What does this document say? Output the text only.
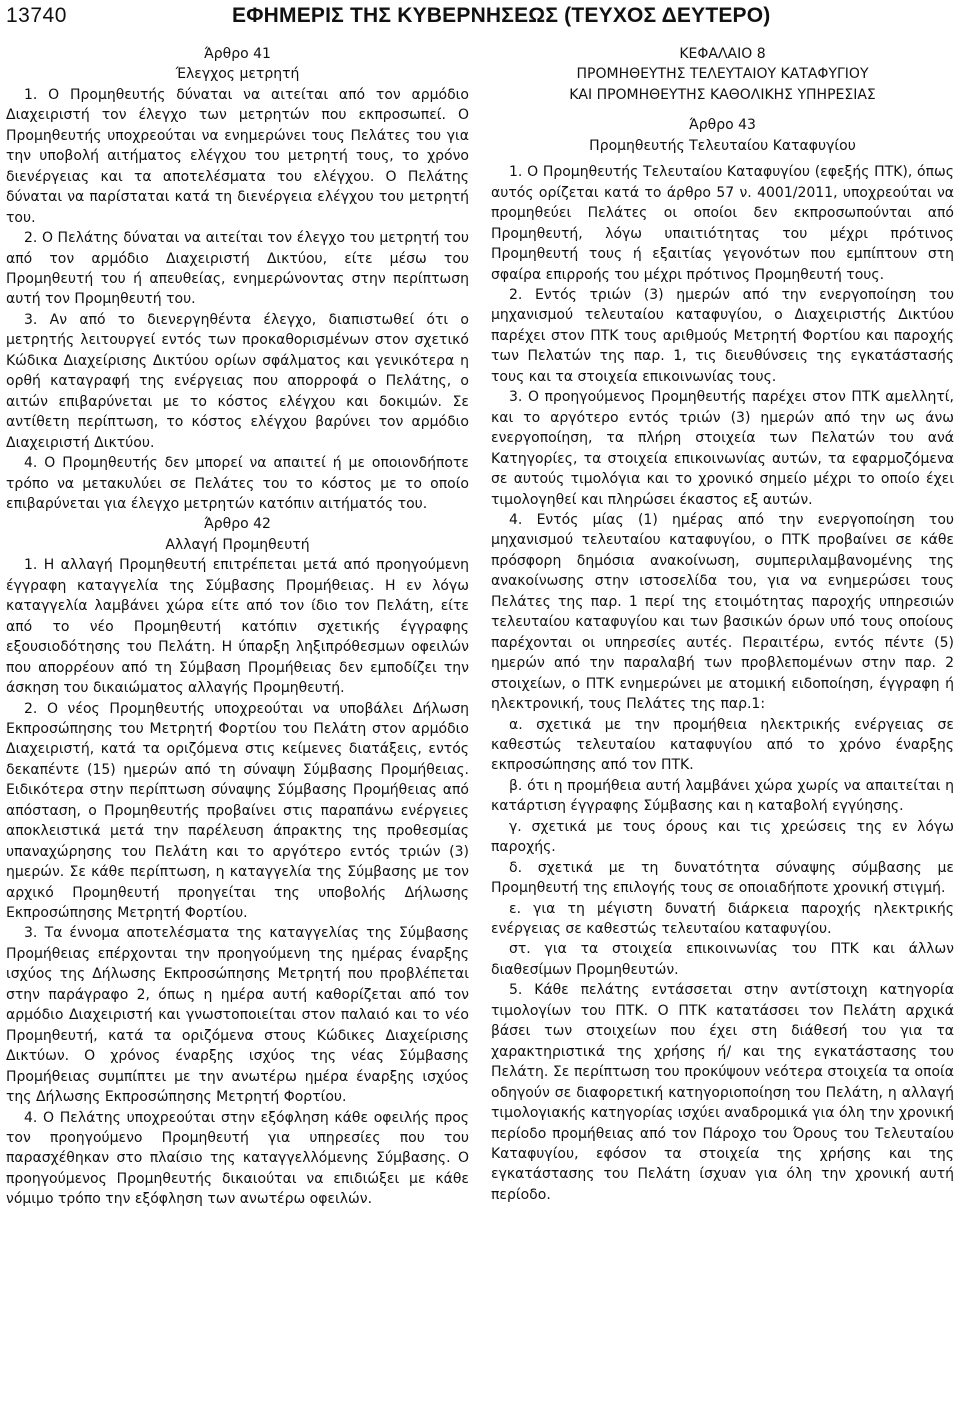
13740	ΕΦΗΜΕΡΙΣ ΤΗΣ ΚΥΒΕΡΝΗΣΕΩΣ (ΤΕΥΧΟΣ ΔΕΥΤΕΡΟ)
Άρθρο 41
Έλεγχος μετρητή

1. Ο Προμηθευτής δύναται να αιτείται από τον αρμόδιο Διαχειριστή τον έλεγχο των μετρητών που εκπροσωπεί. Ο Προμηθευτής υποχρεούται να ενημερώνει τους Πελάτες του για την υποβολή αιτήματος ελέγχου του μετρητή τους, το χρόνο διενέργειας και τα αποτελέσματα του ελέγχου. Ο Πελάτης δύναται να παρίσταται κατά τη διενέργεια ελέγχου του μετρητή του.

2. Ο Πελάτης δύναται να αιτείται τον έλεγχο του μετρητή του από τον αρμόδιο Διαχειριστή Δικτύου, είτε μέσω του Προμηθευτή του ή απευθείας, ενημερώνοντας στην περίπτωση αυτή τον Προμηθευτή του.

3. Αν από το διενεργηθέντα έλεγχο, διαπιστωθεί ότι ο μετρητής λειτουργεί εντός των προκαθορισμένων στον σχετικό Κώδικα Διαχείρισης Δικτύου ορίων σφάλματος και γενικότερα η ορθή καταγραφή της ενέργειας που απορροφά ο Πελάτης, ο αιτών επιβαρύνεται με το κόστος ελέγχου και δοκιμών. Σε αντίθετη περίπτωση, το κόστος ελέγχου βαρύνει τον αρμόδιο Διαχειριστή Δικτύου.

4. Ο Προμηθευτής δεν μπορεί να απαιτεί ή με οποιονδήποτε τρόπο να μετακυλύει σε Πελάτες του το κόστος με το οποίο επιβαρύνεται για έλεγχο μετρητών κατόπιν αιτήματός του.

Άρθρο 42
Αλλαγή Προμηθευτή

1. Η αλλαγή Προμηθευτή επιτρέπεται μετά από προηγούμενη έγγραφη καταγγελία της Σύμβασης Προμήθειας. Η εν λόγω καταγγελία λαμβάνει χώρα είτε από τον ίδιο τον Πελάτη, είτε από το νέο Προμηθευτή κατόπιν σχετικής έγγραφης εξουσιοδότησης του Πελάτη. Η ύπαρξη ληξιπρόθεσμων οφειλών που απορρέουν από τη Σύμβαση Προμήθειας δεν εμποδίζει την άσκηση του δικαιώματος αλλαγής Προμηθευτή.

2. Ο νέος Προμηθευτής υποχρεούται να υποβάλει Δήλωση Εκπροσώπησης του Μετρητή Φορτίου του Πελάτη στον αρμόδιο Διαχειριστή, κατά τα οριζόμενα στις κείμενες διατάξεις, εντός δεκαπέντε (15) ημερών από τη σύναψη Σύμβασης Προμήθειας. Ειδικότερα στην περίπτωση σύναψης Σύμβασης Προμήθειας από απόσταση, ο Προμηθευτής προβαίνει στις παραπάνω ενέργειες αποκλειστικά μετά την παρέλευση άπρακτης της προθεσμίας υπαναχώρησης του Πελάτη και το αργότερο εντός τριών (3) ημερών. Σε κάθε περίπτωση, η καταγγελία της Σύμβασης με τον αρχικό Προμηθευτή προηγείται της υποβολής Δήλωσης Εκπροσώπησης Μετρητή Φορτίου.

3. Τα έννομα αποτελέσματα της καταγγελίας της Σύμβασης Προμήθειας επέρχονται την προηγούμενη της ημέρας έναρξης ισχύος της Δήλωσης Εκπροσώπησης Μετρητή που προβλέπεται στην παράγραφο 2, όπως η ημέρα αυτή καθορίζεται από τον αρμόδιο Διαχειριστή και γνωστοποιείται στον παλαιό και το νέο Προμηθευτή, κατά τα οριζόμενα στους Κώδικες Διαχείρισης Δικτύων. Ο χρόνος έναρξης ισχύος της νέας Σύμβασης Προμήθειας συμπίπτει με την ανωτέρω ημέρα έναρξης ισχύος της Δήλωσης Εκπροσώπησης Μετρητή Φορτίου.

4. Ο Πελάτης υποχρεούται στην εξόφληση κάθε οφειλής προς τον προηγούμενο Προμηθευτή για υπηρεσίες που του παρασχέθηκαν στο πλαίσιο της καταγγελλόμενης Σύμβασης. Ο προηγούμενος Προμηθευτής δικαιούται να επιδιώξει με κάθε νόμιμο τρόπο την εξόφληση των ανωτέρω οφειλών.

ΚΕΦΑΛΑΙΟ 8
ΠΡΟΜΗΘΕΥΤΗΣ ΤΕΛΕΥΤΑΙΟΥ ΚΑΤΑΦΥΓΙΟΥ
ΚΑΙ ΠΡΟΜΗΘΕΥΤΗΣ ΚΑΘΟΛΙΚΗΣ ΥΠΗΡΕΣΙΑΣ
Άρθρο 43
Προμηθευτής Τελευταίου Καταφυγίου

1. Ο Προμηθευτής Τελευταίου Καταφυγίου (εφεξής ΠΤΚ), όπως αυτός ορίζεται κατά το άρθρο 57 ν. 4001/2011, υποχρεούται να προμηθεύει Πελάτες οι οποίοι δεν εκπροσωπούνται από Προμηθευτή, λόγω υπαιτιότητας του μέχρι πρότινος Προμηθευτή τους ή εξαιτίας γεγονότων που εμπίπτουν στη σφαίρα επιρροής του μέχρι πρότινος Προμηθευτή τους.

2. Εντός τριών (3) ημερών από την ενεργοποίηση του μηχανισμού τελευταίου καταφυγίου, ο Διαχειριστής Δικτύου παρέχει στον ΠΤΚ τους αριθμούς Μετρητή Φορτίου και παροχής των Πελατών της παρ. 1, τις διευθύνσεις της εγκατάστασής τους και τα στοιχεία επικοινωνίας τους.

3. Ο προηγούμενος Προμηθευτής παρέχει στον ΠΤΚ αμελλητί, και το αργότερο εντός τριών (3) ημερών από την ως άνω ενεργοποίηση, τα πλήρη στοιχεία των Πελατών του ανά Κατηγορίες, τα στοιχεία επικοινωνίας αυτών, τα εφαρμοζόμενα σε αυτούς τιμολόγια και το χρονικό σημείο μέχρι το οποίο έχει τιμολογηθεί και πληρώσει έκαστος εξ αυτών.

4. Εντός μίας (1) ημέρας από την ενεργοποίηση του μηχανισμού τελευταίου καταφυγίου, ο ΠΤΚ προβαίνει σε κάθε πρόσφορη δημόσια ανακοίνωση, συμπεριλαμβανομένης της ανακοίνωσης στην ιστοσελίδα του, για να ενημερώσει τους Πελάτες της παρ. 1 περί της ετοιμότητας παροχής υπηρεσιών τελευταίου καταφυγίου και των βασικών όρων υπό τους οποίους παρέχονται οι υπηρεσίες αυτές. Περαιτέρω, εντός πέντε (5) ημερών από την παραλαβή των προβλεπομένων στην παρ. 2 στοιχείων, ο ΠΤΚ ενημερώνει με ατομική ειδοποίηση, έγγραφη ή ηλεκτρονική, τους Πελάτες της παρ.1:

α. σχετικά με την προμήθεια ηλεκτρικής ενέργειας σε καθεστώς τελευταίου καταφυγίου από το χρόνο έναρξης εκπροσώπησης από τον ΠΤΚ.

β. ότι η προμήθεια αυτή λαμβάνει χώρα χωρίς να απαιτείται η κατάρτιση έγγραφης Σύμβασης και η καταβολή εγγύησης.

γ. σχετικά με τους όρους και τις χρεώσεις της εν λόγω παροχής.

δ. σχετικά με τη δυνατότητα σύναψης σύμβασης με Προμηθευτή της επιλογής τους σε οποιαδήποτε χρονική στιγμή.

ε. για τη μέγιστη δυνατή διάρκεια παροχής ηλεκτρικής ενέργειας σε καθεστώς τελευταίου καταφυγίου.

στ. για τα στοιχεία επικοινωνίας του ΠΤΚ και άλλων διαθεσίμων Προμηθευτών.

5. Κάθε πελάτης εντάσσεται στην αντίστοιχη κατηγορία τιμολογίων του ΠΤΚ. Ο ΠΤΚ κατατάσσει τον Πελάτη αρχικά βάσει των στοιχείων που έχει στη διάθεσή του για τα χαρακτηριστικά της χρήσης ή/ και της εγκατάστασης του Πελάτη. Σε περίπτωση του προκύψουν νεότερα στοιχεία τα οποία οδηγούν σε διαφορετική κατηγοριοποίηση του Πελάτη, η αλλαγή τιμολογιακής κατηγορίας ισχύει αναδρομικά για όλη την χρονική περίοδο προμήθειας από τον Πάροχο του Όρους του Τελευταίου Καταφυγίου, εφόσον τα στοιχεία της χρήσης και της εγκατάστασης του Πελάτη ίσχυαν για όλη την χρονική αυτή περίοδο.
